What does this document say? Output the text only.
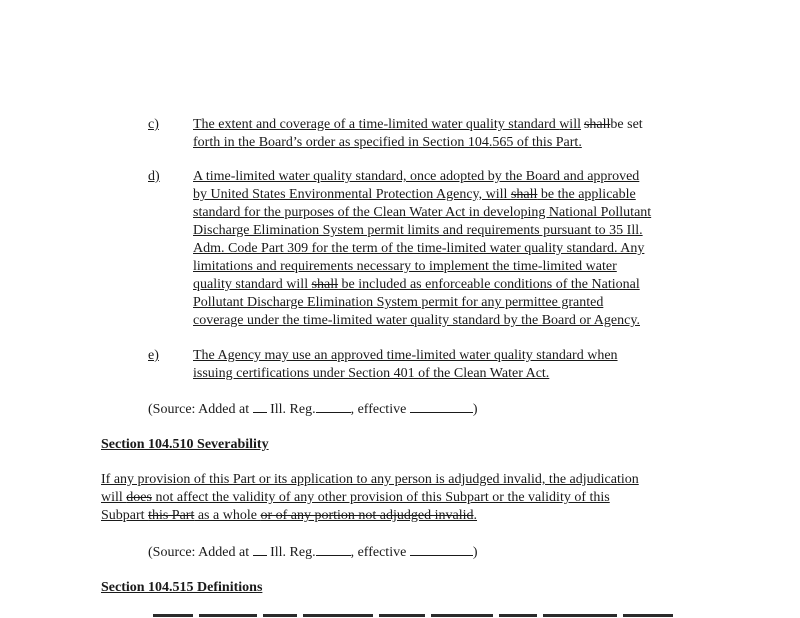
c) The extent and coverage of a time-limited water quality standard will shallbe set
forth in the Board’s order as specified in Section 104.565 of this Part.
d) A time-limited water quality standard, once adopted by the Board and approved
by United States Environmental Protection Agency, will shall be the applicable
standard for the purposes of the Clean Water Act in developing National Pollutant
Discharge Elimination System permit limits and requirements pursuant to 35 Ill.
Adm. Code Part 309 for the term of the time-limited water quality standard. Any
limitations and requirements necessary to implement the time-limited water
quality standard will shall be included as enforceable conditions of the National
Pollutant Discharge Elimination System permit for any permittee granted
coverage under the time-limited water quality standard by the Board or Agency.
e) The Agency may use an approved time-limited water quality standard when
issuing certifications under Section 401 of the Clean Water Act.
(Source: Added at  Ill. Reg.	, effective	)
Section 104.510 Severability
If any provision of this Part or its application to any person is adjudged invalid, the adjudication
will does not affect the validity of any other provision of this Subpart or the validity of this
Subpart this Part as a whole or of any portion not adjudged invalid.
(Source: Added at  Ill. Reg.	, effective	)
Section 104.515 Definitions
